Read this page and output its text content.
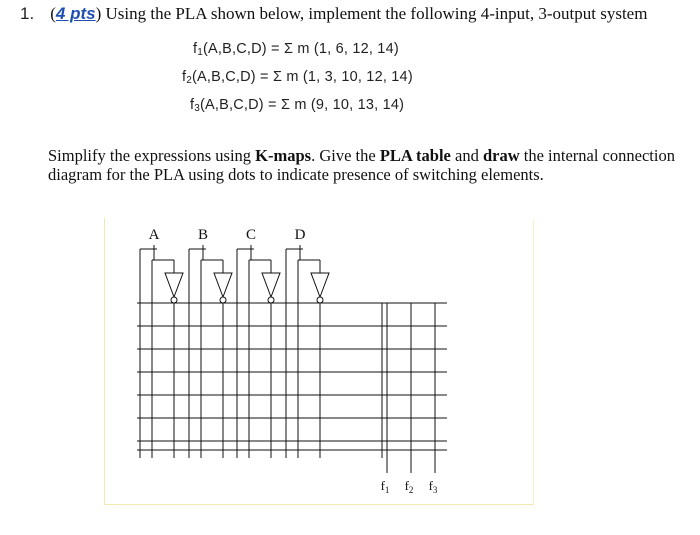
1. (4 pts) Using the PLA shown below, implement the following 4-input, 3-output system
$f_1(A,B,C,D) = \Sigma$ m (1, 6, 12, 14)
$f_2(A,B,C,D) = \Sigma$ m (1, 3, 10, 12, 14)
$f_3(A,B,C,D) = \Sigma$ m (9, 10, 13, 14)
Simplify the expressions using K-maps. Give the PLA table and draw the internal connection diagram for the PLA using dots to indicate presence of switching elements.
A	B	C	D
$f_1$ $f_2$ $f_3$
